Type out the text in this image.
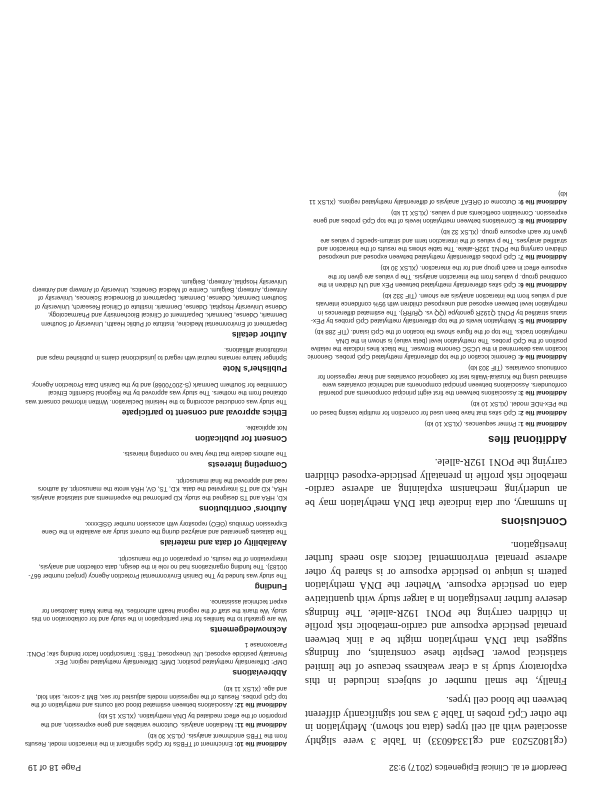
Deardorff et al. Clinical Epigenetics (2017) 9:32
Page 18 of 19

(cg18025203 and cg13346033) in Table 3 were slightly associated with all cell types (data not shown). Methylation in the other CpG probes in Table 3 was not significantly different between the blood cell types.

Finally, the small number of subjects included in this exploratory study is a clear weakness because of the limited statistical power. Despite these constraints, our findings suggest that DNA methylation might be a link between prenatal pesticide exposure and cardio-metabolic risk profile in children carrying the PON1 192R-allele. The findings deserve further investigation in a larger study with quantitative data on pesticide exposure. Whether the DNA methylation pattern is unique to pesticide exposure or is shared by other adverse prenatal environmental factors also needs further investigation.

Conclusions

In summary, our data indicate that DNA methylation may be an underlying mechanism explaining an adverse cardio-metabolic risk profile in prenatally pesticide-exposed children carrying the PON1 192R-allele.

Additional files

Additional file 1: Primer sequences. (XLSX 10 kb)

Additional file 2: CpG sites that have been used for correction for multiple testing based on the PEx-hDE model. (XLSX 10 kb)

Additional file 3: Associations between the first eight principal components and potential confounders. Associations between principal components and technical covariates were estimated using the Kruskal-Wallis test for categorical covariates and linear regression for continuous covariates. (TIF 303 kb)

Additional file 4: Genomic location of the top differentially methylated CpG probes. Genomic location was determined in the UCSC Genome Browser. The black lines indicate the relative position of the CpG probes. The methylation level (beta value) is shown in the DNA methylation tracks. The top of the figure shows the location of the CpG island. (TIF 288 kb)

Additional file 5: Methylation levels of the top differentially methylated CpG probes by PEx-status stratified by PON1 Q192R genotype (QQ vs. QR/RR). The estimated differences in methylation level between exposed and unexposed children with 95% confidence intervals and p values from the interaction analysis are shown. (TIF 332 kb)

Additional file 6: CpG sites differentially methylated between PEx and UN children in the combined group. p values from the interaction analysis. The p values are given for the exposure effect in each group and for the interaction. (XLSX 30 kb)

Additional file 7: CpG probes differentially methylated between exposed and unexposed children carrying the PON1 192R-allele. The table shows the results of the interaction and stratified analyses. The p values of the interaction term and stratum-specific p values are given for each exposure group. (XLSX 32 kb)

Additional file 8: Correlations between methylation levels of the top CpG probes and gene expression. Correlation coefficients and p values. (XLSX 11 kb)

Additional file 9: Outcome of GREAT analysis of differentially methylated regions. (XLSX 11 kb)

Additional file 10: Enrichment of TFBSs for CpGs significant in the interaction model. Results from the TFBS enrichment analysis. (XLSX 30 kb)

Additional file 11: Mediation analysis. Outcome variables and gene expression, and the proportion of the effect mediated by DNA methylation. (XLSX 15 kb)

Additional file 12: Associations between estimated blood cell counts and methylation of the top CpG probes. Results of the regression models adjusted for sex, BMI z-score, skin fold, and age. (XLSX 11 kb)

Abbreviations

DMP: Differentially methylated position; DMR: Differentially methylated region; PEx: Prenatally pesticide exposed; UN: Unexposed; TFBS: Transcription factor binding site; PON1: Paraoxonase 1

Acknowledgements

We are grateful to the families for their participation in the study and for collaboration on this study. We thank the staff of the regional health authorities. We thank Maria Jakobsen for expert technical assistance.

Funding

The study was funded by The Danish Environmental Protection Agency (project number 667-00183). The funding organizations had no role in the design, data collection and analysis, interpretation of the results, or preparation of the manuscript.

Availability of data and materials

The datasets generated and analyzed during the current study are available in the Gene Expression Omnibus (GEO) repository with accession number GSExxxx.

Authors' contributions

KD, HRA and TS designed the study. KD performed the experiments and statistical analysis. HRA, KD and TS interpreted the data. KD, TS, GV, HRA wrote the manuscript. All authors read and approved the final manuscript.

Competing interests

The authors declare that they have no competing interests.

Consent for publication

Not applicable.

Ethics approval and consent to participate

The study was conducted according to the Helsinki Declaration. Written informed consent was obtained from the mothers. The study was approved by the Regional Scientific Ethical Committee for Southern Denmark (S-20070068) and by the Danish Data Protection Agency.

Publisher's Note

Springer Nature remains neutral with regard to jurisdictional claims in published maps and institutional affiliations.

Author details

Department of Environmental Medicine, Institute of Public Health, University of Southern Denmark, Odense, Denmark. Department of Clinical Biochemistry and Pharmacology, Odense University Hospital, Odense, Denmark. Institute of Clinical Research, University of Southern Denmark, Odense, Denmark. Department of Biomedical Sciences, University of Antwerp, Antwerp, Belgium. Centre of Medical Genetics, University of Antwerp and Antwerp University Hospital, Antwerp, Belgium.
